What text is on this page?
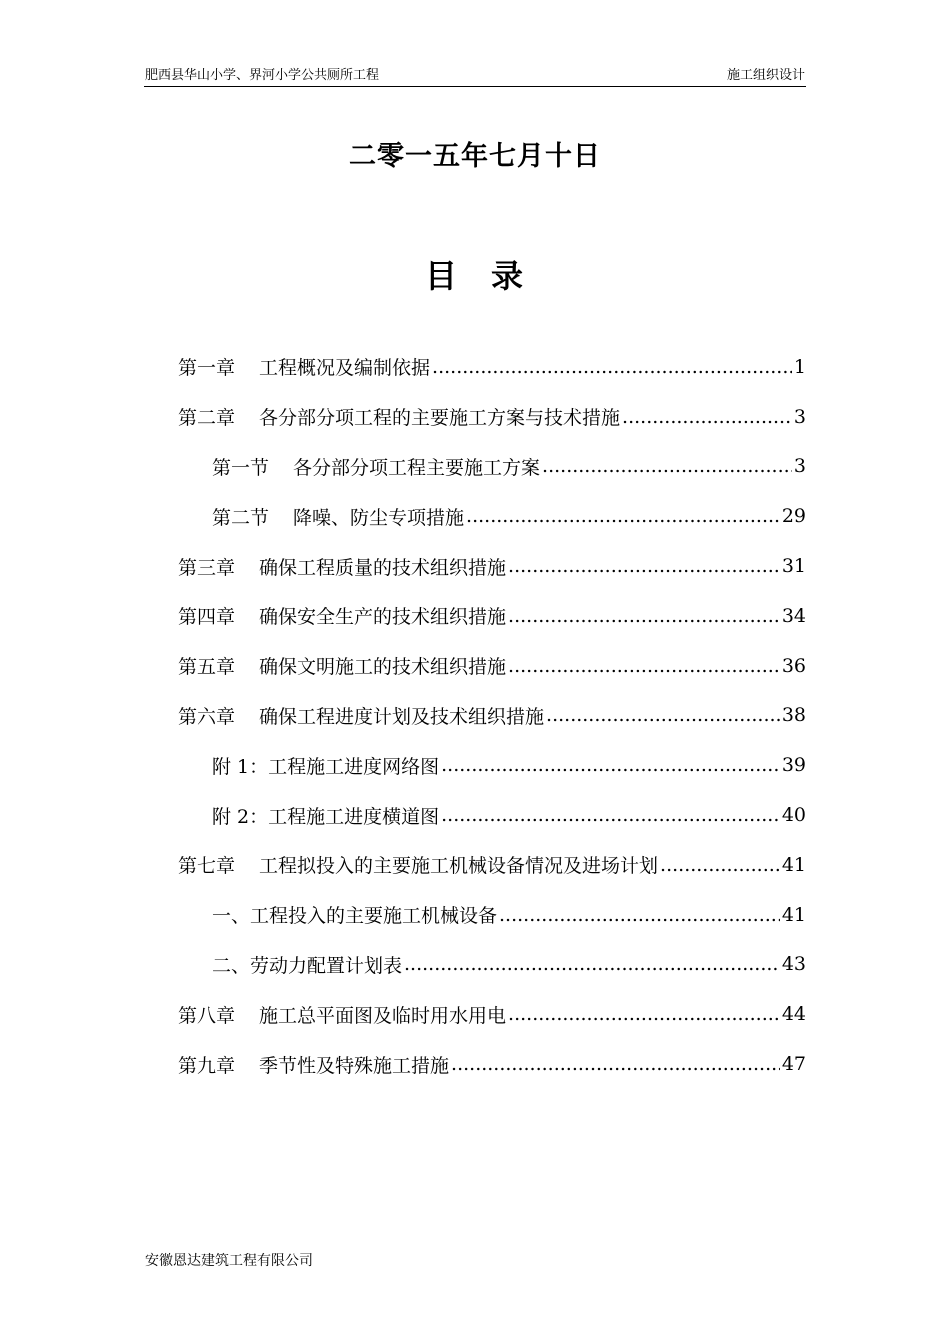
肥西县华山小学、界河小学公共厕所工程	施工组织设计
二零一五年七月十日
目 录
第一章 工程概况及编制依据 .....	1
第二章 各分部分项工程的主要施工方案与技术措施 .....	3
第一节 各分部分项工程主要施工方案 .....	3
第二节 降噪、防尘专项措施 .....	29
第三章 确保工程质量的技术组织措施 .....	31
第四章 确保安全生产的技术组织措施 .....	34
第五章 确保文明施工的技术组织措施 .....	36
第六章 确保工程进度计划及技术组织措施 .....	38
附 1：工程施工进度网络图 .....	39
附 2：工程施工进度横道图 .....	40
第七章 工程拟投入的主要施工机械设备情况及进场计划 .....	41
一、工程投入的主要施工机械设备 .....	41
二、劳动力配置计划表 .....	43
第八章 施工总平面图及临时用水用电 .....	44
第九章 季节性及特殊施工措施 .....	47
安徽恩达建筑工程有限公司
